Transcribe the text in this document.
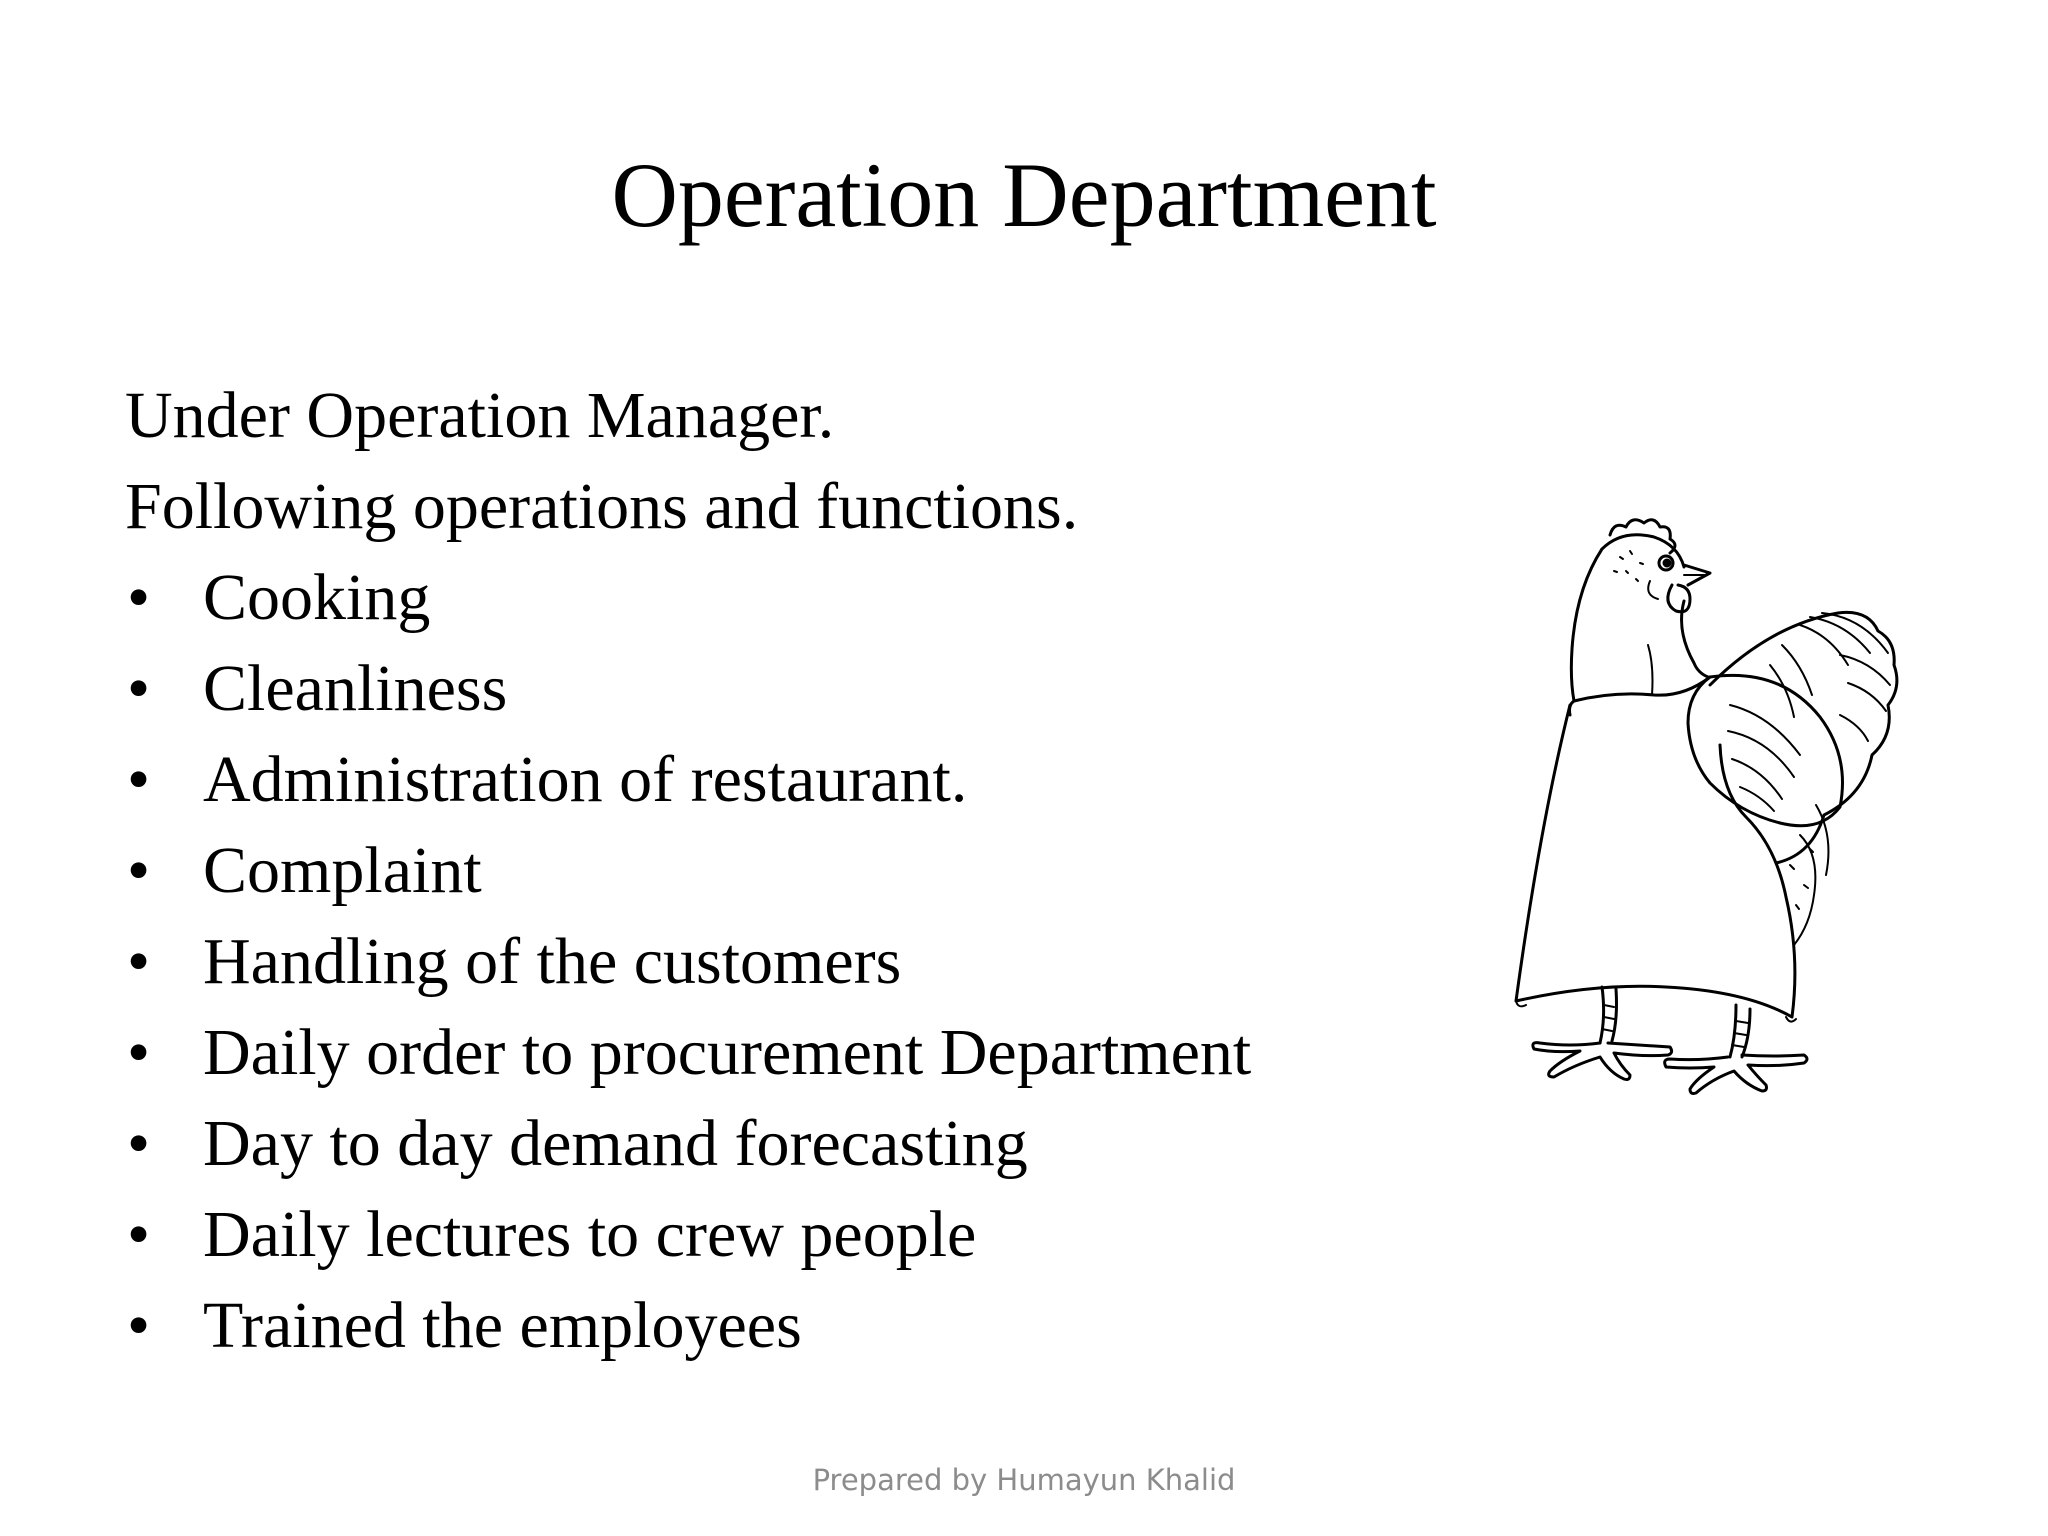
Operation Department
Under Operation Manager.
Following operations and functions.
• Cooking
• Cleanliness
• Administration of restaurant.
• Complaint
• Handling of the customers
• Daily order to procurement Department
• Day to day demand forecasting
• Daily lectures to crew people
• Trained the employees
Prepared by Humayun Khalid
